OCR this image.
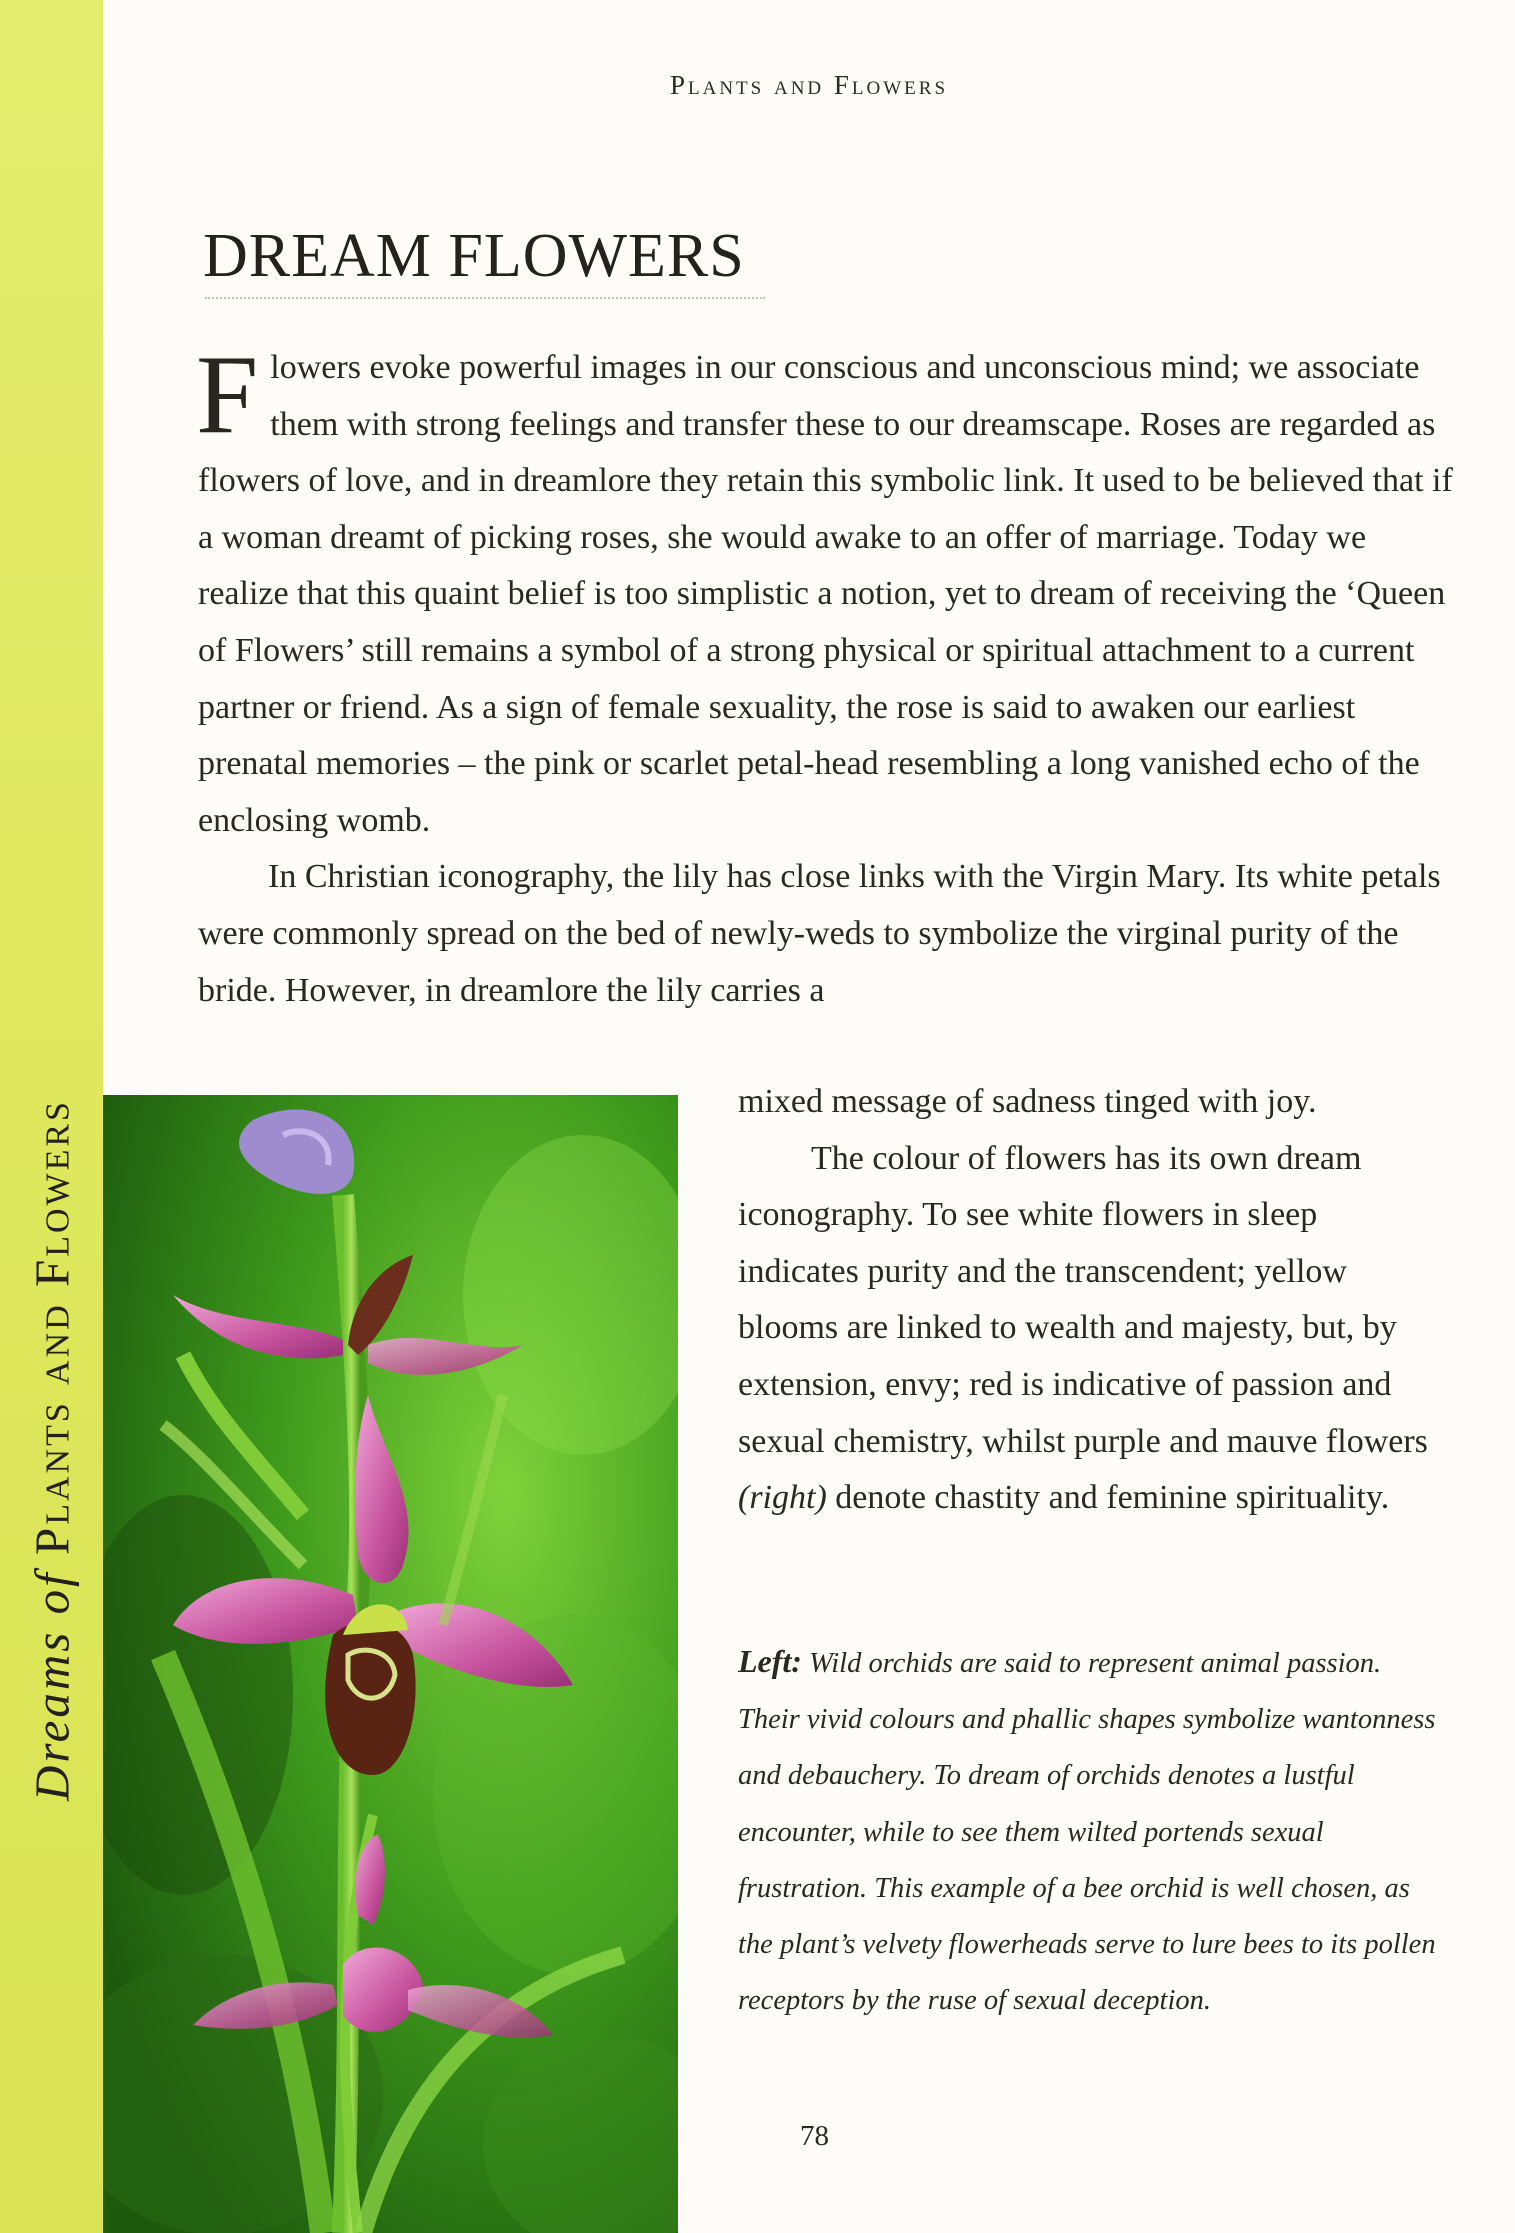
Dreams of Plants and Flowers
Plants and Flowers
DREAM FLOWERS

Flowers evoke powerful images in our conscious and unconscious mind; we associate them with strong feelings and transfer these to our dreamscape. Roses are regarded as flowers of love, and in dreamlore they retain this symbolic link. It used to be believed that if a woman dreamt of picking roses, she would awake to an offer of marriage. Today we realize that this quaint belief is too simplistic a notion, yet to dream of receiving the ‘Queen of Flowers’ still remains a symbol of a strong physical or spiritual attachment to a current partner or friend. As a sign of female sexuality, the rose is said to awaken our earliest prenatal memories – the pink or scarlet petal-head resembling a long vanished echo of the enclosing womb.

In Christian iconography, the lily has close links with the Virgin Mary. Its white petals were commonly spread on the bed of newly-weds to symbolize the virginal purity of the bride. However, in dreamlore the lily carries a

mixed message of sadness tinged with joy.

The colour of flowers has its own dream iconography. To see white flowers in sleep indicates purity and the transcendent; yellow blooms are linked to wealth and majesty, but, by extension, envy; red is indicative of passion and sexual chemistry, whilst purple and mauve flowers (right) denote chastity and feminine spirituality.

Left: Wild orchids are said to represent animal passion. Their vivid colours and phallic shapes symbolize wantonness and debauchery. To dream of orchids denotes a lustful encounter, while to see them wilted portends sexual frustration. This example of a bee orchid is well chosen, as the plant’s velvety flowerheads serve to lure bees to its pollen receptors by the ruse of sexual deception.
78
